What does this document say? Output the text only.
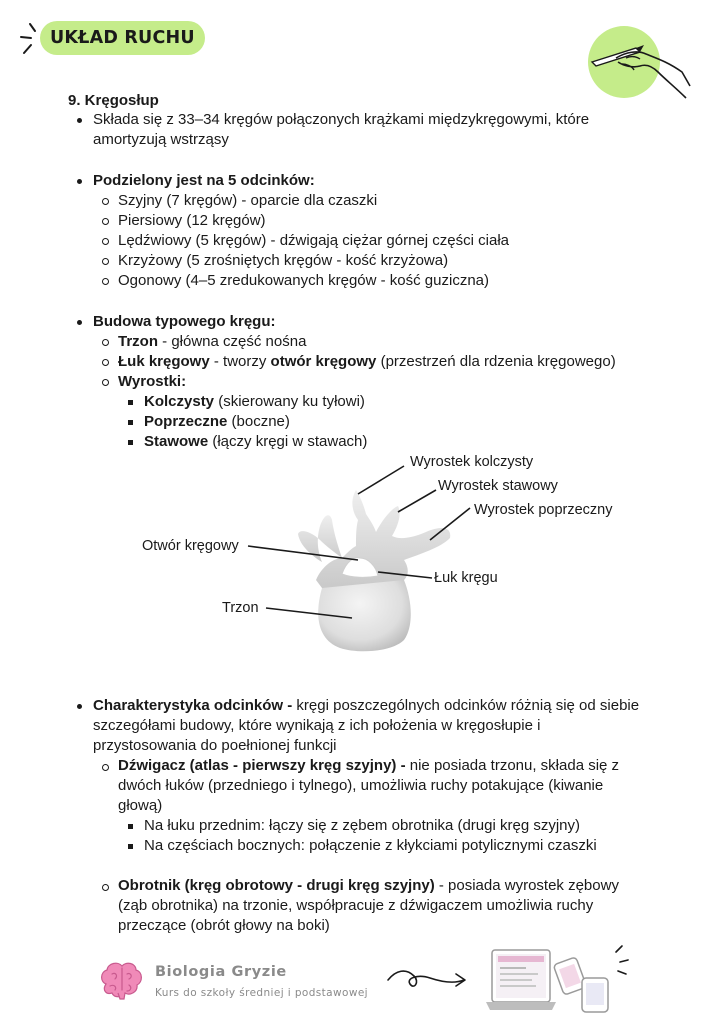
UKŁAD RUCHU
9. Kręgosłup
Składa się z 33–34 kręgów połączonych krążkami międzykręgowymi, które
amortyzują wstrząsy
Podzielony jest na 5 odcinków:
Szyjny (7 kręgów) - oparcie dla czaszki
Piersiowy (12 kręgów)
Lędźwiowy (5 kręgów) - dźwigają ciężar górnej części ciała
Krzyżowy (5 zrośniętych kręgów - kość krzyżowa)
Ogonowy (4–5 zredukowanych kręgów - kość guziczna)
Budowa typowego kręgu:
Trzon - główna część nośna
Łuk kręgowy - tworzy otwór kręgowy (przestrzeń dla rdzenia kręgowego)
Wyrostki:
Kolczysty (skierowany ku tyłowi)
Poprzeczne (boczne)
Stawowe (łączy kręgi w stawach)
Wyrostek kolczysty
Wyrostek stawowy
Wyrostek poprzeczny
Otwór kręgowy
Łuk kręgu
Trzon
Charakterystyka odcinków - kręgi poszczególnych odcinków różnią się od siebie
szczegółami budowy, które wynikają z ich położenia w kręgosłupie i
przystosowania do poełnionej funkcji
Dźwigacz (atlas - pierwszy kręg szyjny) - nie posiada trzonu, składa się z
dwóch łuków (przedniego i tylnego), umożliwia ruchy potakujące (kiwanie
głową)
Na łuku przednim: łączy się z zębem obrotnika (drugi kręg szyjny)
Na częściach bocznych: połączenie z kłykciami potylicznymi czaszki
Obrotnik (kręg obrotowy - drugi kręg szyjny) - posiada wyrostek zębowy
(ząb obrotnika) na trzonie, współpracuje z dźwigaczem umożliwia ruchy
przeczące (obrót głowy na boki)
Biologia Gryzie
Kurs do szkoły średniej i podstawowej
